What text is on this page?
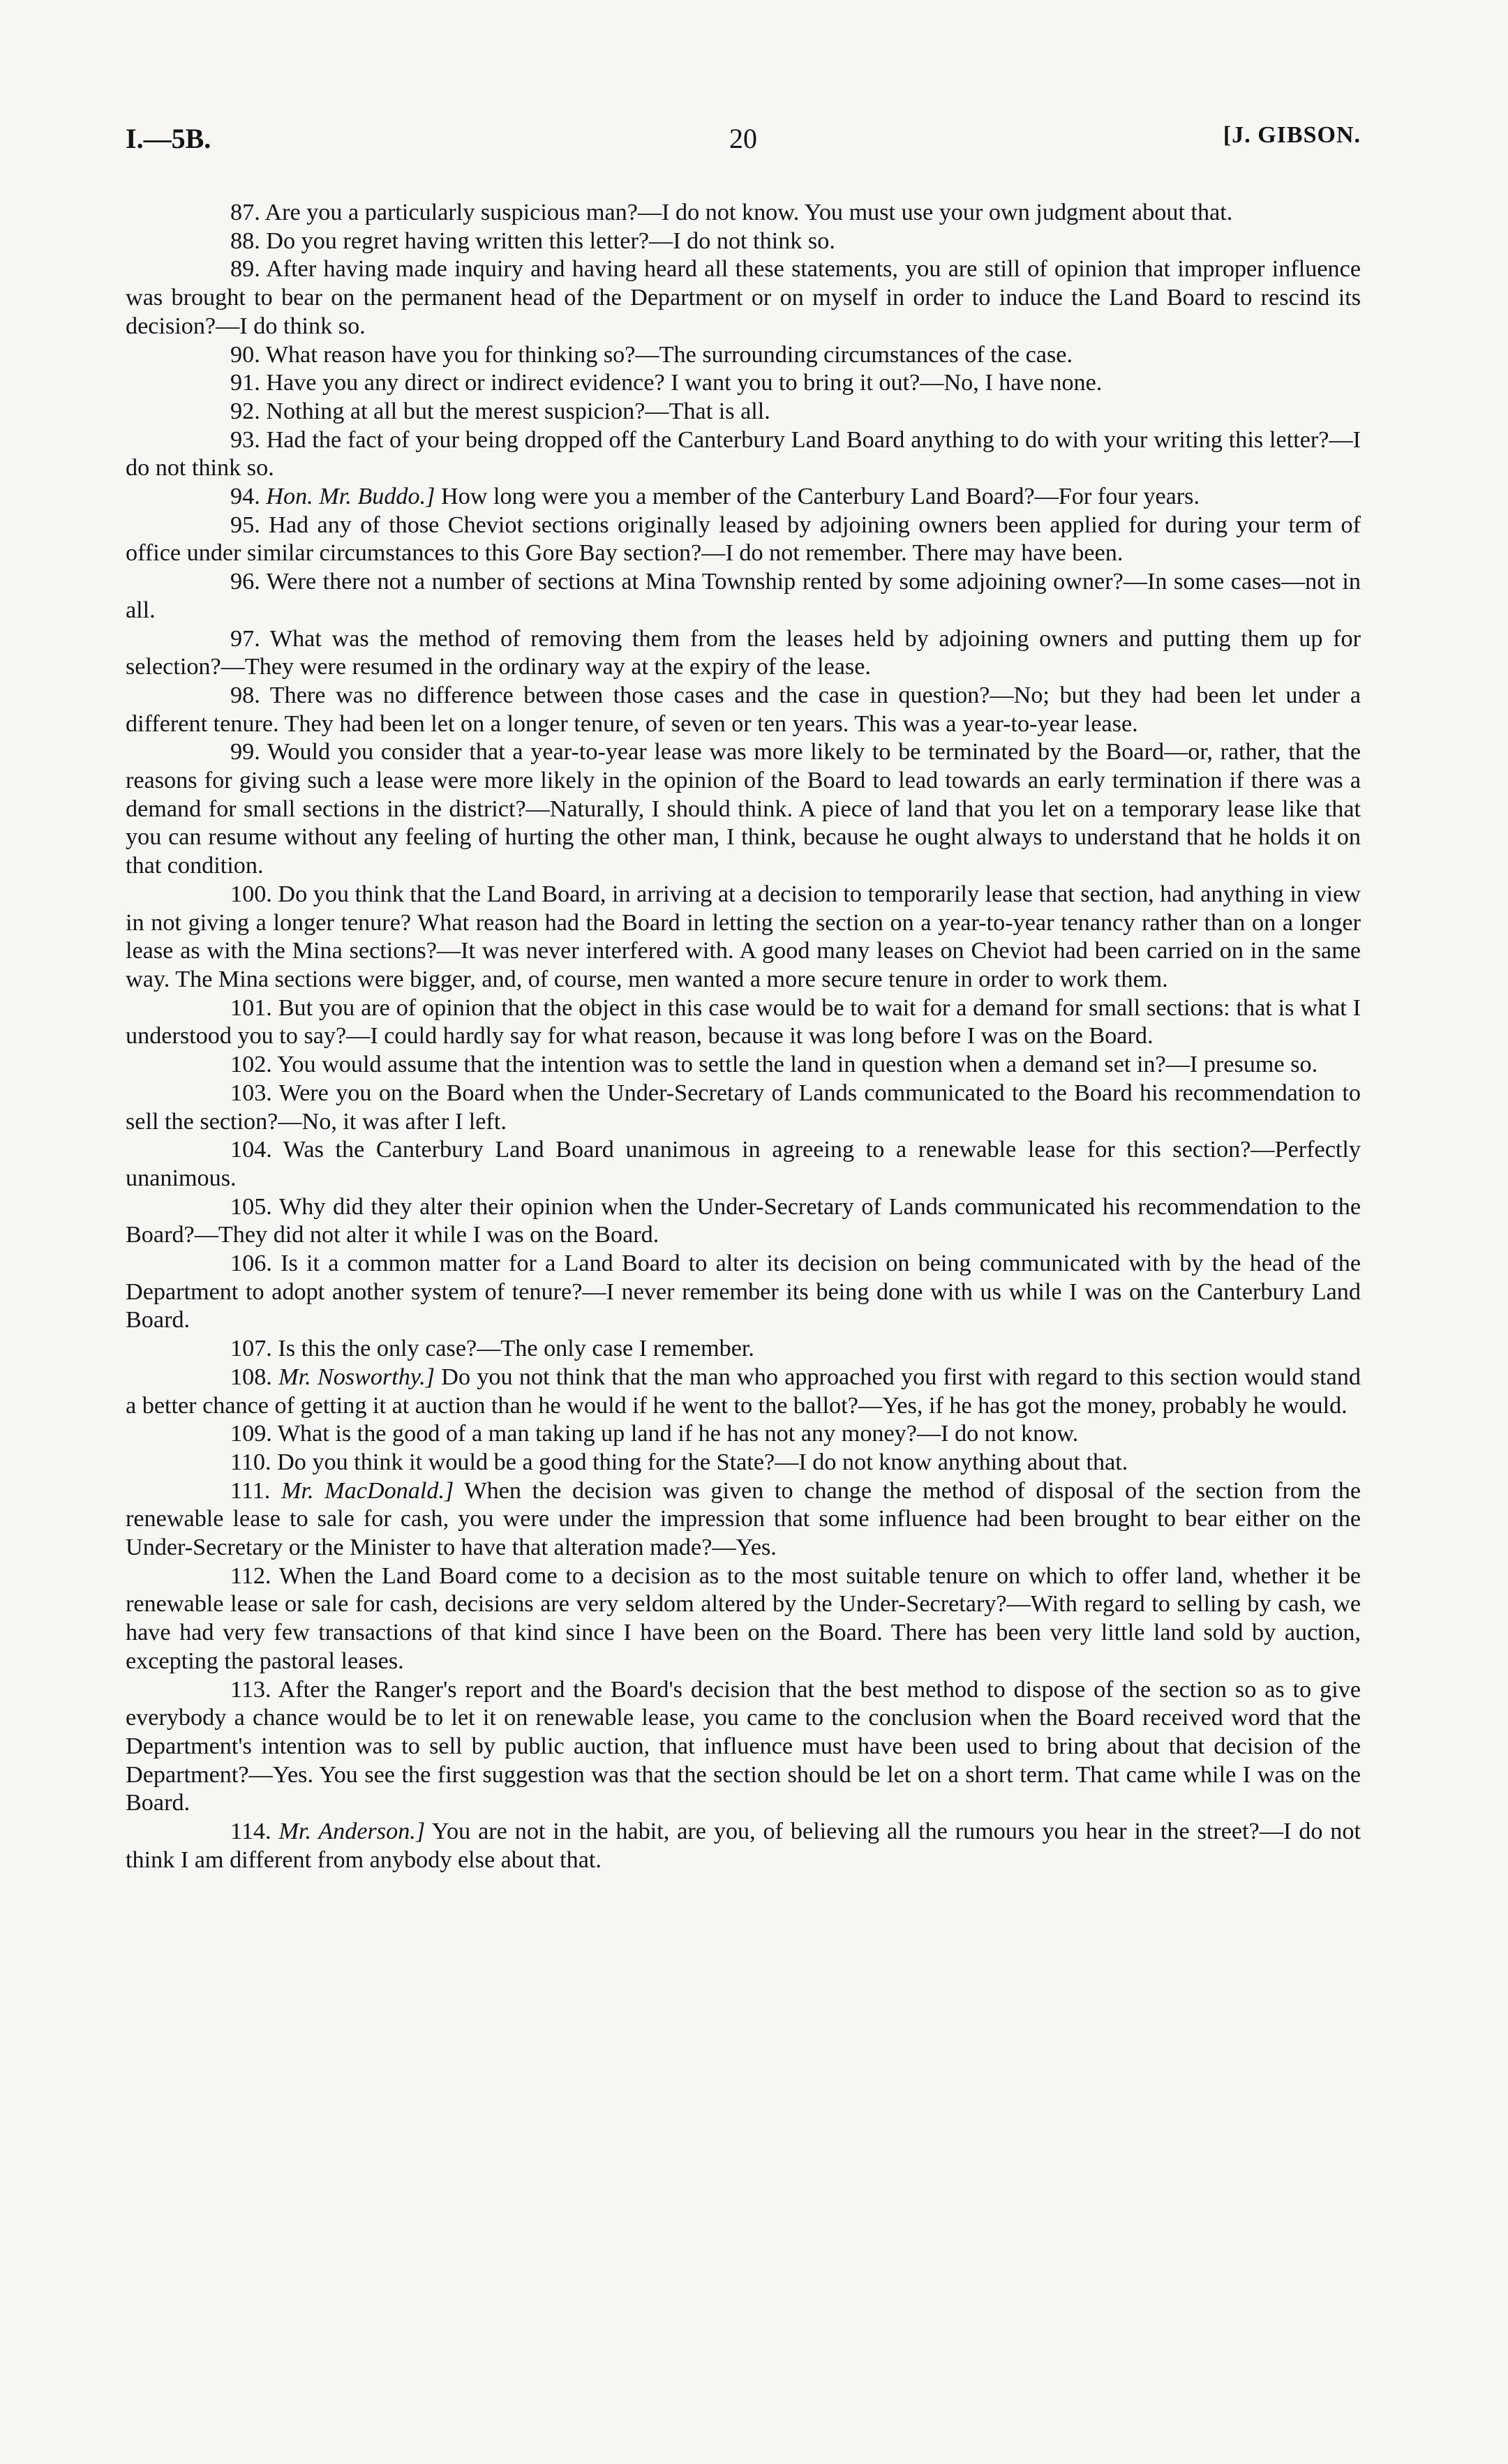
I.—5B.	20	[J. GIBSON.

87. Are you a particularly suspicious man?—I do not know. You must use your own judgment about that.

88. Do you regret having written this letter?—I do not think so.

89. After having made inquiry and having heard all these statements, you are still of opinion that improper influence was brought to bear on the permanent head of the Department or on myself in order to induce the Land Board to rescind its decision?—I do think so.

90. What reason have you for thinking so?—The surrounding circumstances of the case.

91. Have you any direct or indirect evidence? I want you to bring it out?—No, I have none.

92. Nothing at all but the merest suspicion?—That is all.

93. Had the fact of your being dropped off the Canterbury Land Board anything to do with your writing this letter?—I do not think so.

94. Hon. Mr. Buddo.] How long were you a member of the Canterbury Land Board?—For four years.

95. Had any of those Cheviot sections originally leased by adjoining owners been applied for during your term of office under similar circumstances to this Gore Bay section?—I do not remember. There may have been.

96. Were there not a number of sections at Mina Township rented by some adjoining owner?—In some cases—not in all.

97. What was the method of removing them from the leases held by adjoining owners and putting them up for selection?—They were resumed in the ordinary way at the expiry of the lease.

98. There was no difference between those cases and the case in question?—No; but they had been let under a different tenure. They had been let on a longer tenure, of seven or ten years. This was a year-to-year lease.

99. Would you consider that a year-to-year lease was more likely to be terminated by the Board—or, rather, that the reasons for giving such a lease were more likely in the opinion of the Board to lead towards an early termination if there was a demand for small sections in the district?—Naturally, I should think. A piece of land that you let on a temporary lease like that you can resume without any feeling of hurting the other man, I think, because he ought always to understand that he holds it on that condition.

100. Do you think that the Land Board, in arriving at a decision to temporarily lease that section, had anything in view in not giving a longer tenure? What reason had the Board in letting the section on a year-to-year tenancy rather than on a longer lease as with the Mina sections?—It was never interfered with. A good many leases on Cheviot had been carried on in the same way. The Mina sections were bigger, and, of course, men wanted a more secure tenure in order to work them.

101. But you are of opinion that the object in this case would be to wait for a demand for small sections: that is what I understood you to say?—I could hardly say for what reason, because it was long before I was on the Board.

102. You would assume that the intention was to settle the land in question when a demand set in?—I presume so.

103. Were you on the Board when the Under-Secretary of Lands communicated to the Board his recommendation to sell the section?—No, it was after I left.

104. Was the Canterbury Land Board unanimous in agreeing to a renewable lease for this section?—Perfectly unanimous.

105. Why did they alter their opinion when the Under-Secretary of Lands communicated his recommendation to the Board?—They did not alter it while I was on the Board.

106. Is it a common matter for a Land Board to alter its decision on being communicated with by the head of the Department to adopt another system of tenure?—I never remember its being done with us while I was on the Canterbury Land Board.

107. Is this the only case?—The only case I remember.

108. Mr. Nosworthy.] Do you not think that the man who approached you first with regard to this section would stand a better chance of getting it at auction than he would if he went to the ballot?—Yes, if he has got the money, probably he would.

109. What is the good of a man taking up land if he has not any money?—I do not know.

110. Do you think it would be a good thing for the State?—I do not know anything about that.

111. Mr. MacDonald.] When the decision was given to change the method of disposal of the section from the renewable lease to sale for cash, you were under the impression that some influence had been brought to bear either on the Under-Secretary or the Minister to have that alteration made?—Yes.

112. When the Land Board come to a decision as to the most suitable tenure on which to offer land, whether it be renewable lease or sale for cash, decisions are very seldom altered by the Under-Secretary?—With regard to selling by cash, we have had very few transactions of that kind since I have been on the Board. There has been very little land sold by auction, excepting the pastoral leases.

113. After the Ranger's report and the Board's decision that the best method to dispose of the section so as to give everybody a chance would be to let it on renewable lease, you came to the conclusion when the Board received word that the Department's intention was to sell by public auction, that influence must have been used to bring about that decision of the Department?—Yes. You see the first suggestion was that the section should be let on a short term. That came while I was on the Board.

114. Mr. Anderson.] You are not in the habit, are you, of believing all the rumours you hear in the street?—I do not think I am different from anybody else about that.
